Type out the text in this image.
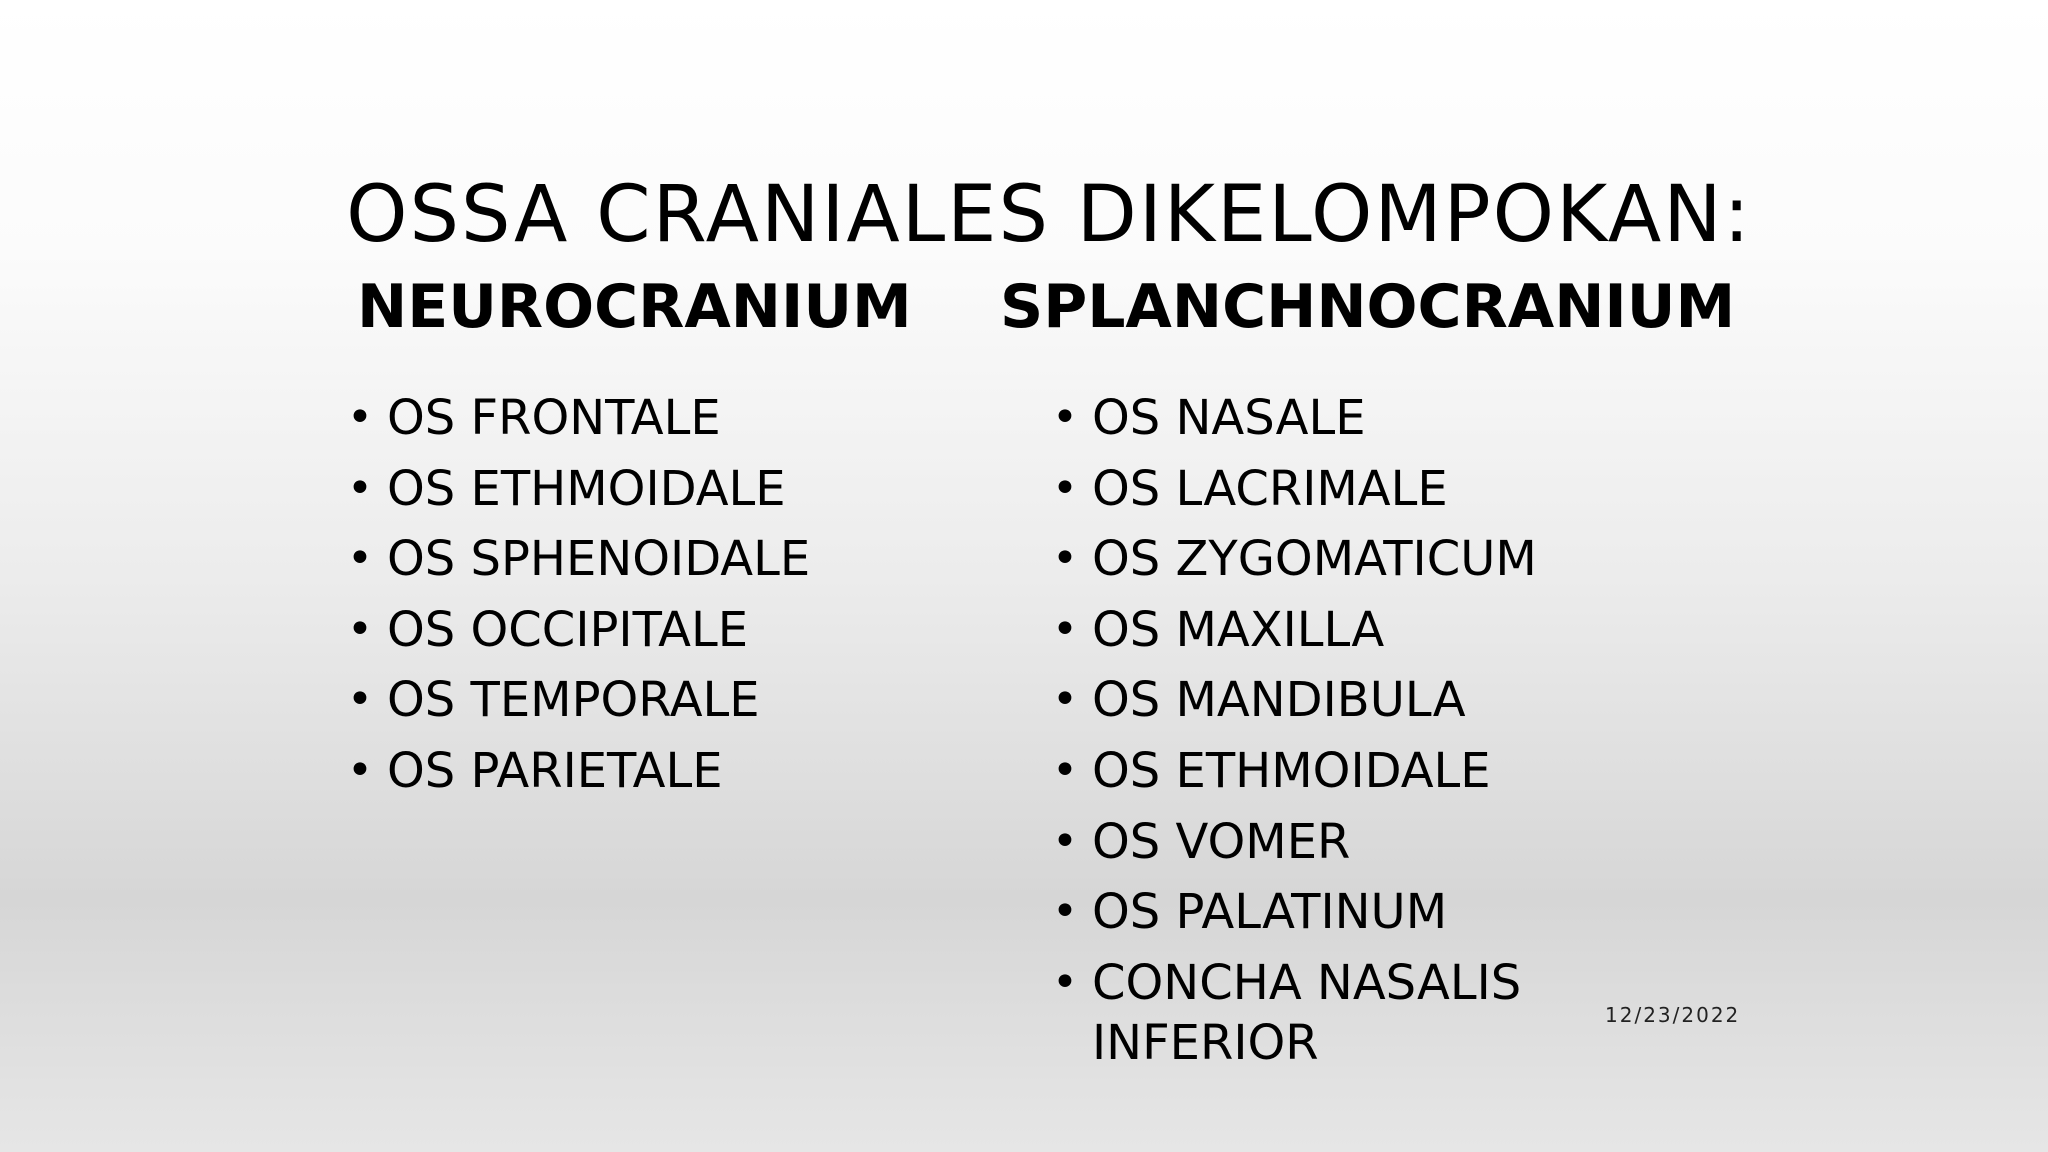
OSSA CRANIALES DIKELOMPOKAN:
NEUROCRANIUM SPLANCHNOCRANIUM
• OS FRONTALE
• OS ETHMOIDALE
• OS SPHENOIDALE
• OS OCCIPITALE
• OS TEMPORALE
• OS PARIETALE
• OS NASALE
• OS LACRIMALE
• OS ZYGOMATICUM
• OS MAXILLA
• OS MANDIBULA
• OS ETHMOIDALE
• OS VOMER
• OS PALATINUM
• CONCHA NASALIS INFERIOR	12/23/2022
